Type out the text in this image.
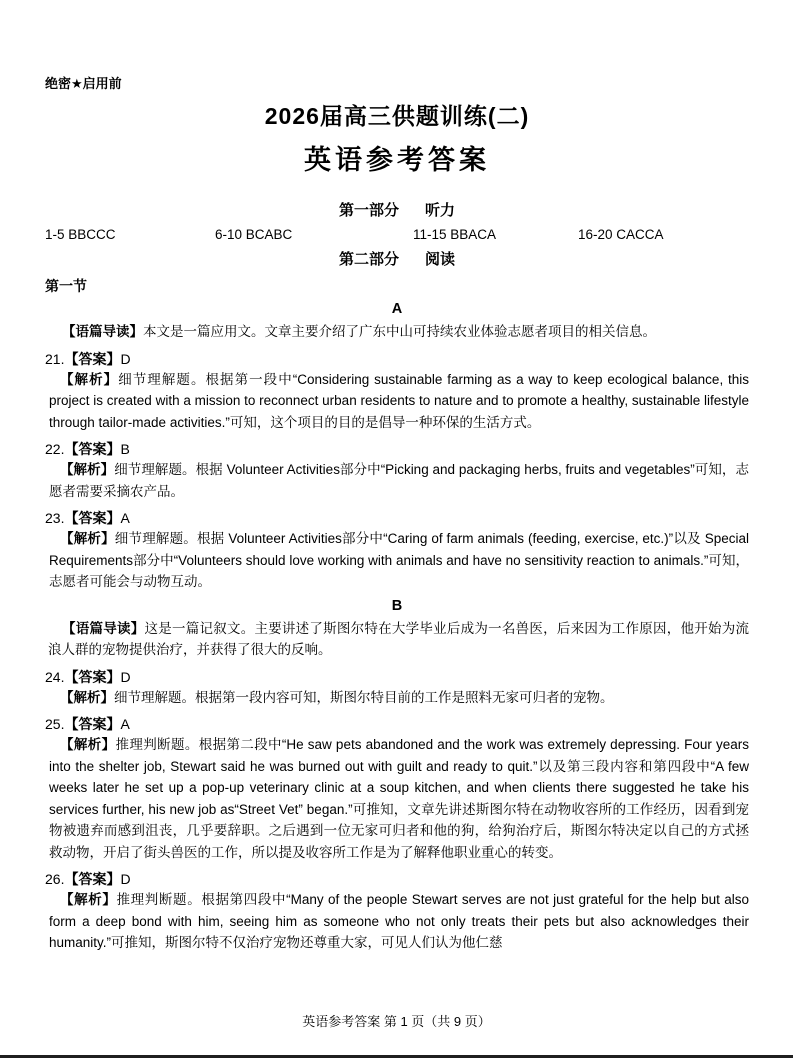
绝密★启用前
2026届高三供题训练(二)
英语参考答案
第一部分 听力
1-5 BBCCC	6-10 BCABC	11-15 BBACA	16-20 CACCA
第二部分 阅读
第一节
A

【语篇导读】本文是一篇应用文。文章主要介绍了广东中山可持续农业体验志愿者项目的相关信息。

21.【答案】D

【解析】细节理解题。根据第一段中“Considering sustainable farming as a way to keep ecological balance, this project is created with a mission to reconnect urban residents to nature and to promote a healthy, sustainable lifestyle through tailor-made activities.”可知，这个项目的目的是倡导一种环保的生活方式。

22.【答案】B

【解析】细节理解题。根据 Volunteer Activities部分中“Picking and packaging herbs, fruits and vegetables”可知，志愿者需要采摘农产品。

23.【答案】A

【解析】细节理解题。根据 Volunteer Activities部分中“Caring of farm animals (feeding, exercise, etc.)”以及 Special Requirements部分中“Volunteers should love working with animals and have no sensitivity reaction to animals.”可知，志愿者可能会与动物互动。

B

【语篇导读】这是一篇记叙文。主要讲述了斯图尔特在大学毕业后成为一名兽医，后来因为工作原因，他开始为流浪人群的宠物提供治疗，并获得了很大的反响。

24.【答案】D

【解析】细节理解题。根据第一段内容可知，斯图尔特目前的工作是照料无家可归者的宠物。

25.【答案】A

【解析】推理判断题。根据第二段中“He saw pets abandoned and the work was extremely depressing. Four years into the shelter job, Stewart said he was burned out with guilt and ready to quit.”以及第三段内容和第四段中“A few weeks later he set up a pop-up veterinary clinic at a soup kitchen, and when clients there suggested he take his services further, his new job as“Street Vet” began.”可推知，文章先讲述斯图尔特在动物收容所的工作经历，因看到宠物被遗弃而感到沮丧，几乎要辞职。之后遇到一位无家可归者和他的狗，给狗治疗后，斯图尔特决定以自己的方式拯救动物，开启了街头兽医的工作，所以提及收容所工作是为了解释他职业重心的转变。

26.【答案】D

【解析】推理判断题。根据第四段中“Many of the people Stewart serves are not just grateful for the help but also form a deep bond with him, seeing him as someone who not only treats their pets but also acknowledges their humanity.”可推知，斯图尔特不仅治疗宠物还尊重大家，可见人们认为他仁慈

英语参考答案 第 1 页（共 9 页）
